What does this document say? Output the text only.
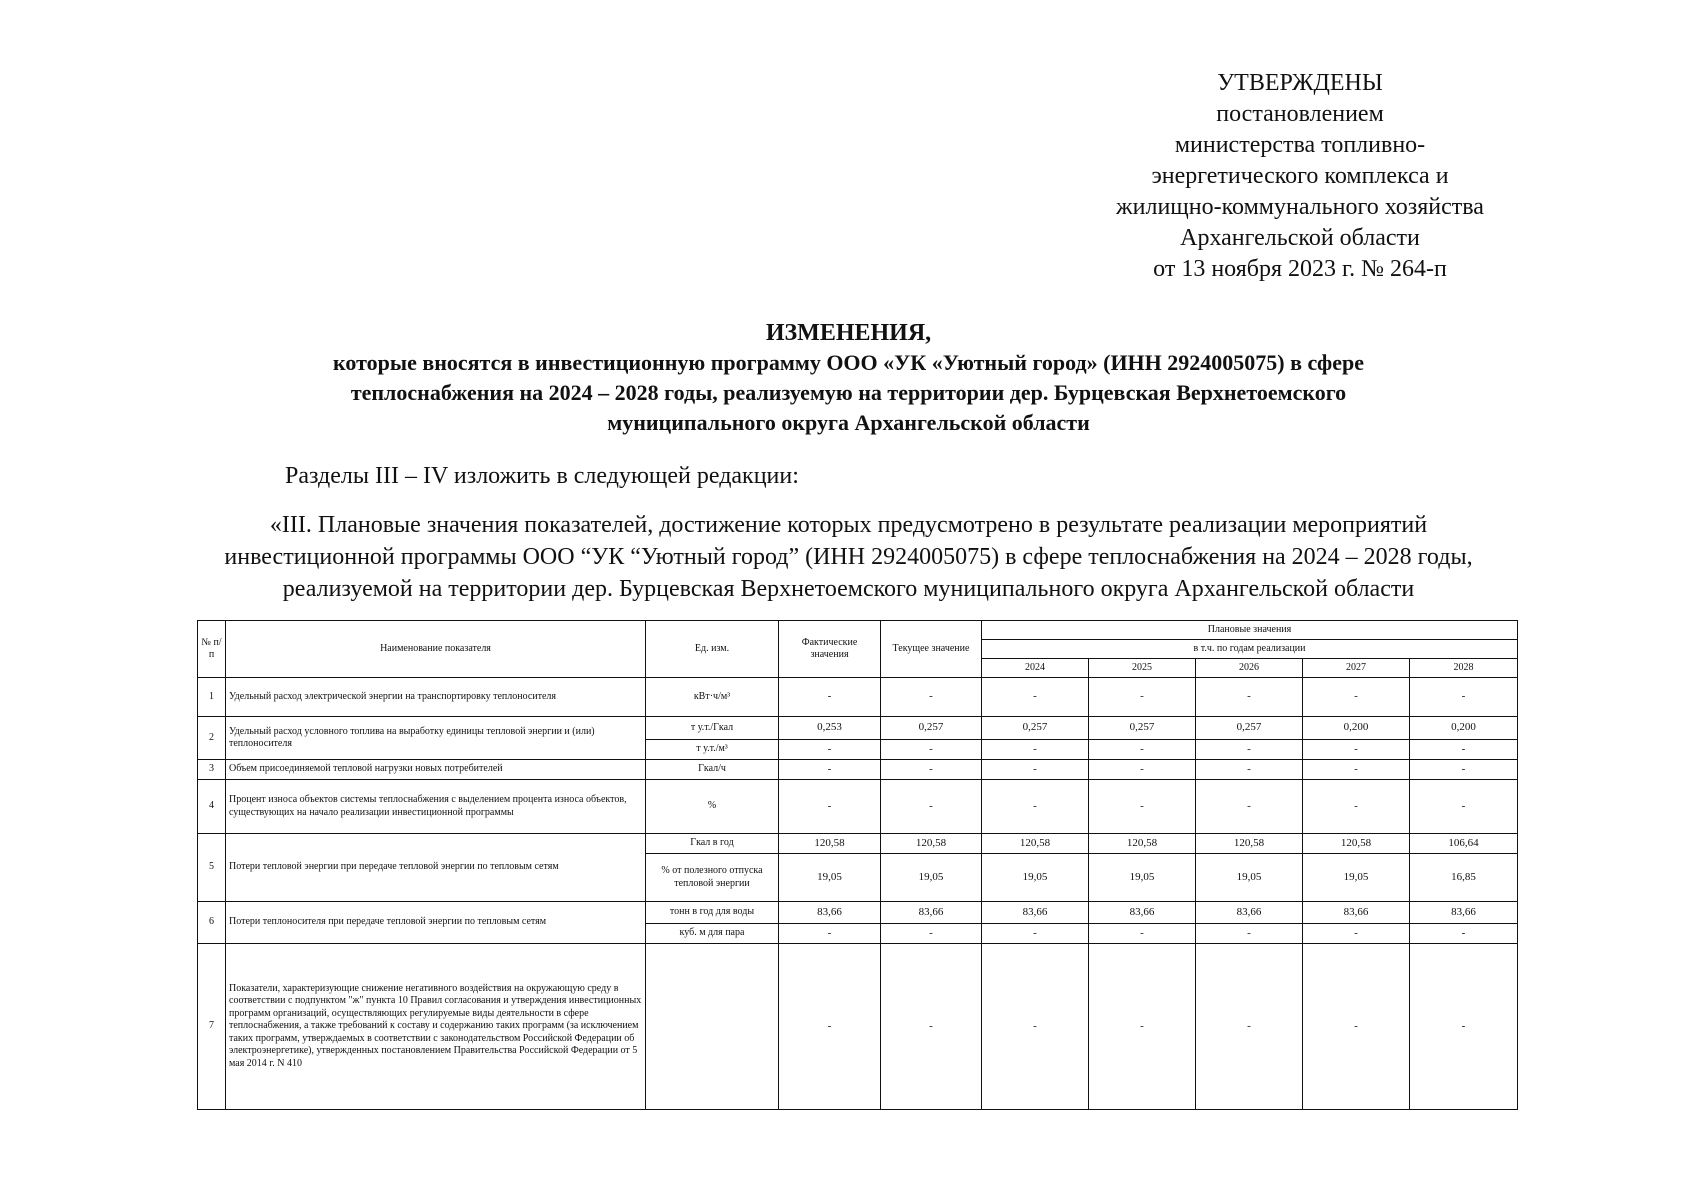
УТВЕРЖДЕНЫ
постановлением
министерства топливно-
энергетического комплекса и
жилищно-коммунального хозяйства
Архангельской области
от 13 ноября 2023 г. № 264-п
ИЗМЕНЕНИЯ,
которые вносятся в инвестиционную программу ООО «УК «Уютный город» (ИНН 2924005075) в сфере
теплоснабжения на 2024 – 2028 годы, реализуемую на территории дер. Бурцевская Верхнетоемского
муниципального округа Архангельской области
Разделы III – IV изложить в следующей редакции:
«III. Плановые значения показателей, достижение которых предусмотрено в результате реализации мероприятий
инвестиционной программы ООО “УК “Уютный город” (ИНН 2924005075) в сфере теплоснабжения на 2024 – 2028 годы,
реализуемой на территории дер. Бурцевская Верхнетоемского муниципального округа Архангельской области
№ п/п	Наименование показателя	Ед. изм.	Фактические значения	Текущее значение	Плановые значения				
					в т.ч. по годам реализации				
					2024	2025	2026	2027	2028
1	Удельный расход электрической энергии на транспортировку теплоносителя	кВт·ч/м³	-	-	-	-	-	-	-
2	Удельный расход условного топлива на выработку единицы тепловой энергии и (или) теплоносителя	т у.т./Гкал	0,253	0,257	0,257	0,257	0,257	0,200	0,200
		т у.т./м³	-	-	-	-	-	-	-
3	Объем присоединяемой тепловой нагрузки новых потребителей	Гкал/ч	-	-	-	-	-	-	-
4	Процент износа объектов системы теплоснабжения с выделением процента износа объектов, существующих на начало реализации инвестиционной программы	%	-	-	-	-	-	-	-
5	Потери тепловой энергии при передаче тепловой энергии по тепловым сетям	Гкал в год	120,58	120,58	120,58	120,58	120,58	120,58	106,64
		% от полезного отпуска тепловой энергии	19,05	19,05	19,05	19,05	19,05	19,05	16,85
6	Потери теплоносителя при передаче тепловой энергии по тепловым сетям	тонн в год для воды	83,66	83,66	83,66	83,66	83,66	83,66	83,66
		куб. м для пара	-	-	-	-	-	-	-
7	Показатели, характеризующие снижение негативного воздействия на окружающую среду в соответствии с подпунктом "ж" пункта 10 Правил согласования и утверждения инвестиционных программ организаций, осуществляющих регулируемые виды деятельности в сфере теплоснабжения, а также требований к составу и содержанию таких программ (за исключением таких программ, утверждаемых в соответствии с законодательством Российской Федерации об электроэнергетике), утвержденных постановлением Правительства Российской Федерации от 5 мая 2014 г. N 410		-	-	-	-	-	-	-
